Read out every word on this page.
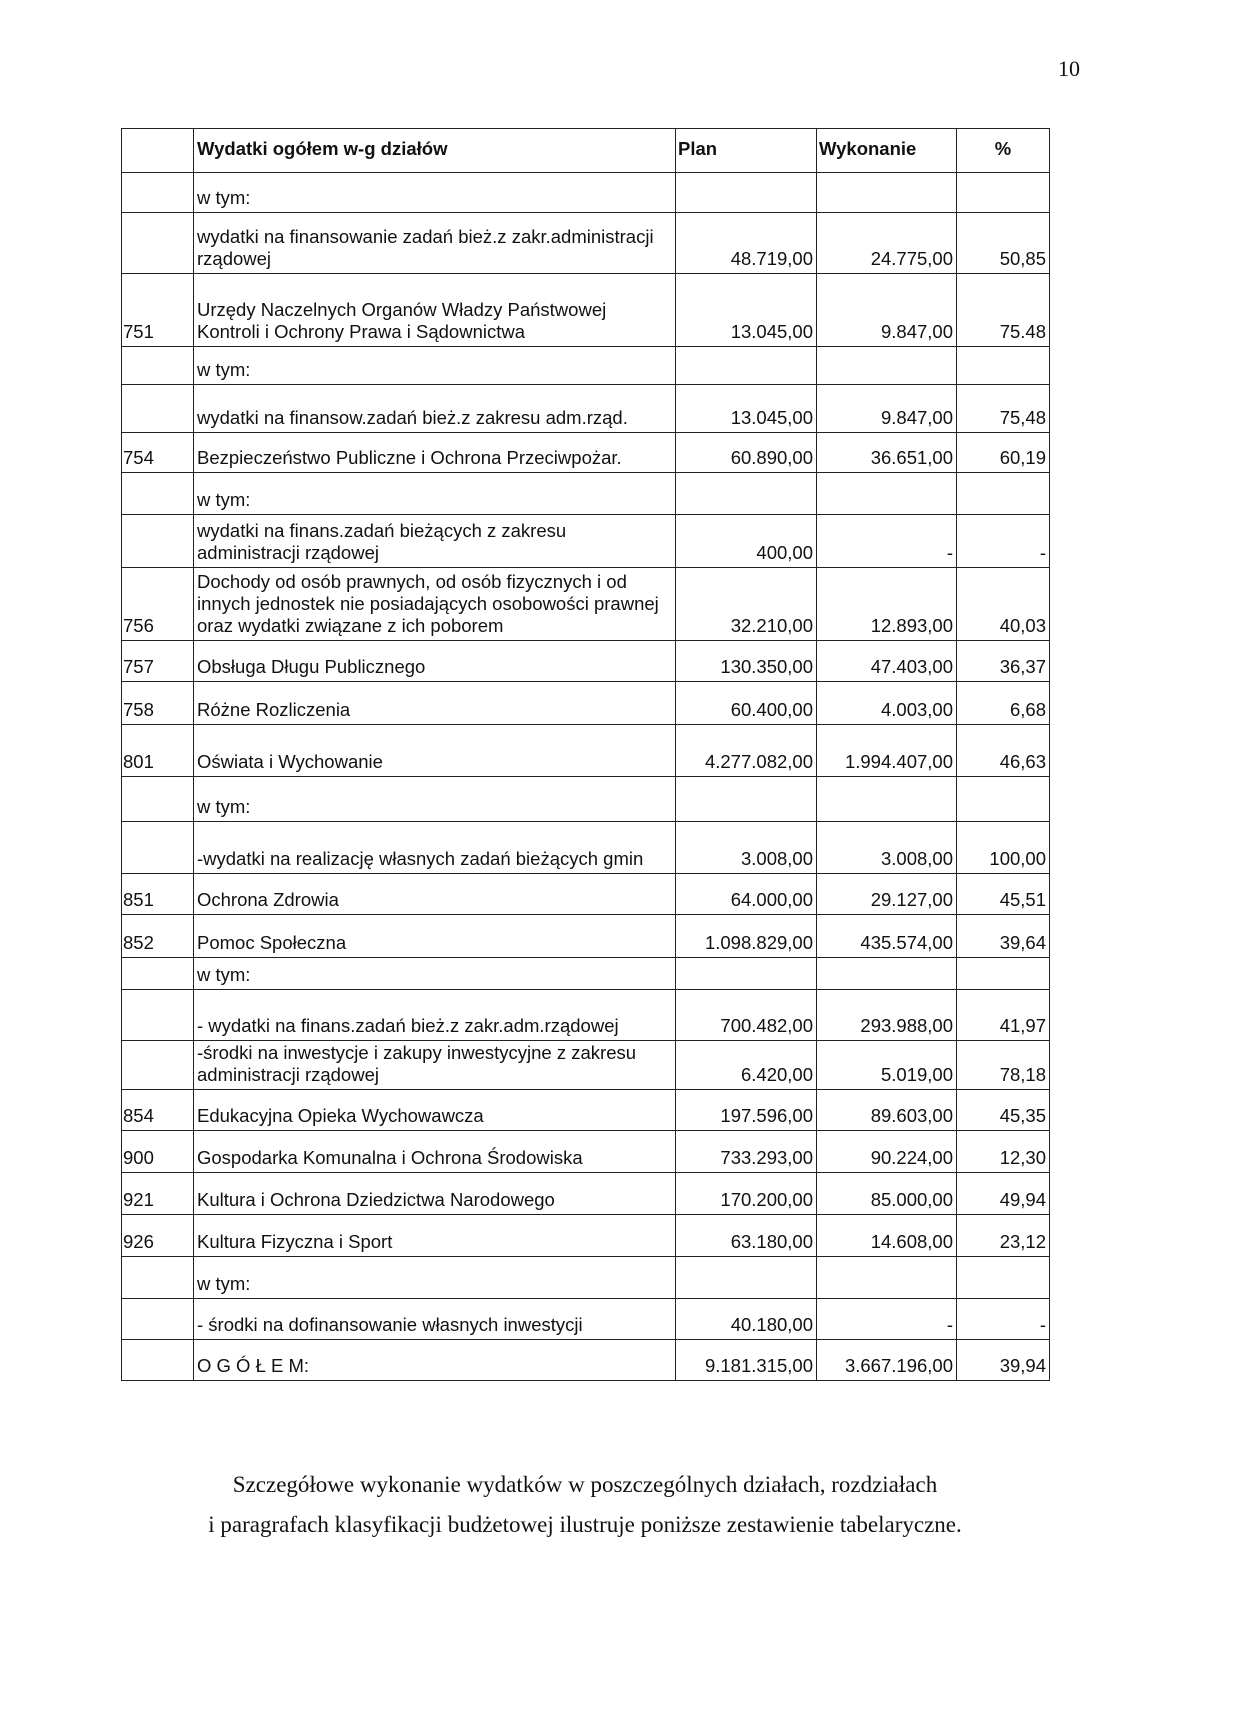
10
	Wydatki ogółem w-g działów	Plan	Wykonanie	%
	w tym:			
	wydatki na finansowanie zadań bież.z zakr.administracji rządowej	48.719,00	24.775,00	50,85
751	Urzędy Naczelnych Organów Władzy Państwowej Kontroli i Ochrony Prawa i Sądownictwa	13.045,00	9.847,00	75.48
	w tym:			
	wydatki na finansow.zadań bież.z zakresu adm.rząd.	13.045,00	9.847,00	75,48
754	Bezpieczeństwo Publiczne i Ochrona Przeciwpożar.	60.890,00	36.651,00	60,19
	w tym:			
	wydatki na finans.zadań bieżących z zakresu administracji rządowej	400,00	-	-
756	Dochody od osób prawnych, od osób fizycznych i od innych jednostek nie posiadających osobowości prawnej oraz wydatki związane z ich poborem	32.210,00	12.893,00	40,03
757	Obsługa Długu Publicznego	130.350,00	47.403,00	36,37
758	Różne Rozliczenia	60.400,00	4.003,00	6,68
801	Oświata i Wychowanie	4.277.082,00	1.994.407,00	46,63
	w tym:			
	-wydatki na realizację własnych zadań bieżących gmin	3.008,00	3.008,00	100,00
851	Ochrona Zdrowia	64.000,00	29.127,00	45,51
852	Pomoc Społeczna	1.098.829,00	435.574,00	39,64
	w tym:			
	- wydatki na finans.zadań bież.z zakr.adm.rządowej	700.482,00	293.988,00	41,97
	-środki na inwestycje i zakupy inwestycyjne z zakresu administracji rządowej	6.420,00	5.019,00	78,18
854	Edukacyjna Opieka Wychowawcza	197.596,00	89.603,00	45,35
900	Gospodarka Komunalna i Ochrona Środowiska	733.293,00	90.224,00	12,30
921	Kultura i Ochrona Dziedzictwa Narodowego	170.200,00	85.000,00	49,94
926	Kultura Fizyczna i Sport	63.180,00	14.608,00	23,12
	w tym:			
	- środki na dofinansowanie własnych inwestycji	40.180,00	-	-
	O G Ó Ł E M:	9.181.315,00	3.667.196,00	39,94
Szczegółowe wykonanie wydatków w poszczególnych działach, rozdziałach
i paragrafach klasyfikacji budżetowej ilustruje poniższe zestawienie tabelaryczne.
